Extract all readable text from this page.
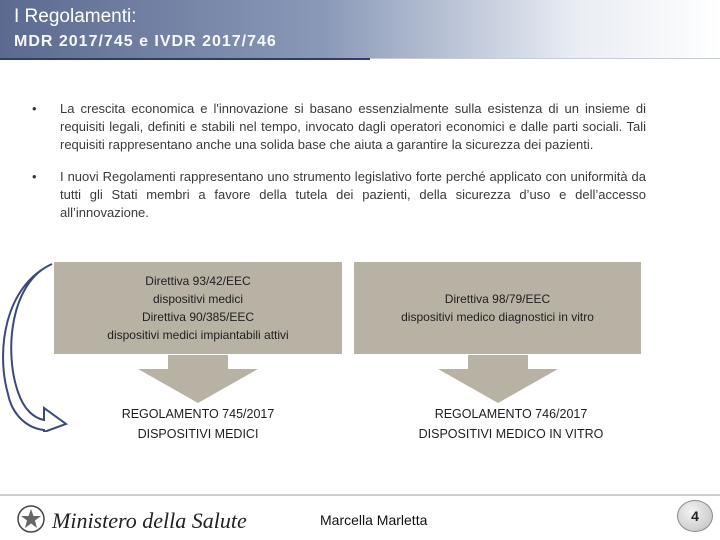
I Regolamenti:
MDR 2017/745 e IVDR 2017/746
• La crescita economica e l'innovazione si basano essenzialmente sulla esistenza di un insieme di requisiti legali, definiti e stabili nel tempo, invocato dagli operatori economici e dalle parti sociali. Tali requisiti rappresentano anche una solida base che aiuta a garantire la sicurezza dei pazienti.
• I nuovi Regolamenti rappresentano uno strumento legislativo forte perché applicato con uniformità da tutti gli Stati membri a favore della tutela dei pazienti, della sicurezza d’uso e dell’accesso all’innovazione.
Direttiva 93/42/EEC
dispositivi medici
Direttiva 90/385/EEC
dispositivi medici impiantabili attivi
Direttiva 98/79/EEC
dispositivi medico diagnostici in vitro
REGOLAMENTO 745/2017
DISPOSITIVI MEDICI
REGOLAMENTO 746/2017
DISPOSITIVI MEDICO IN VITRO
Ministero della Salute	Marcella Marletta	4
